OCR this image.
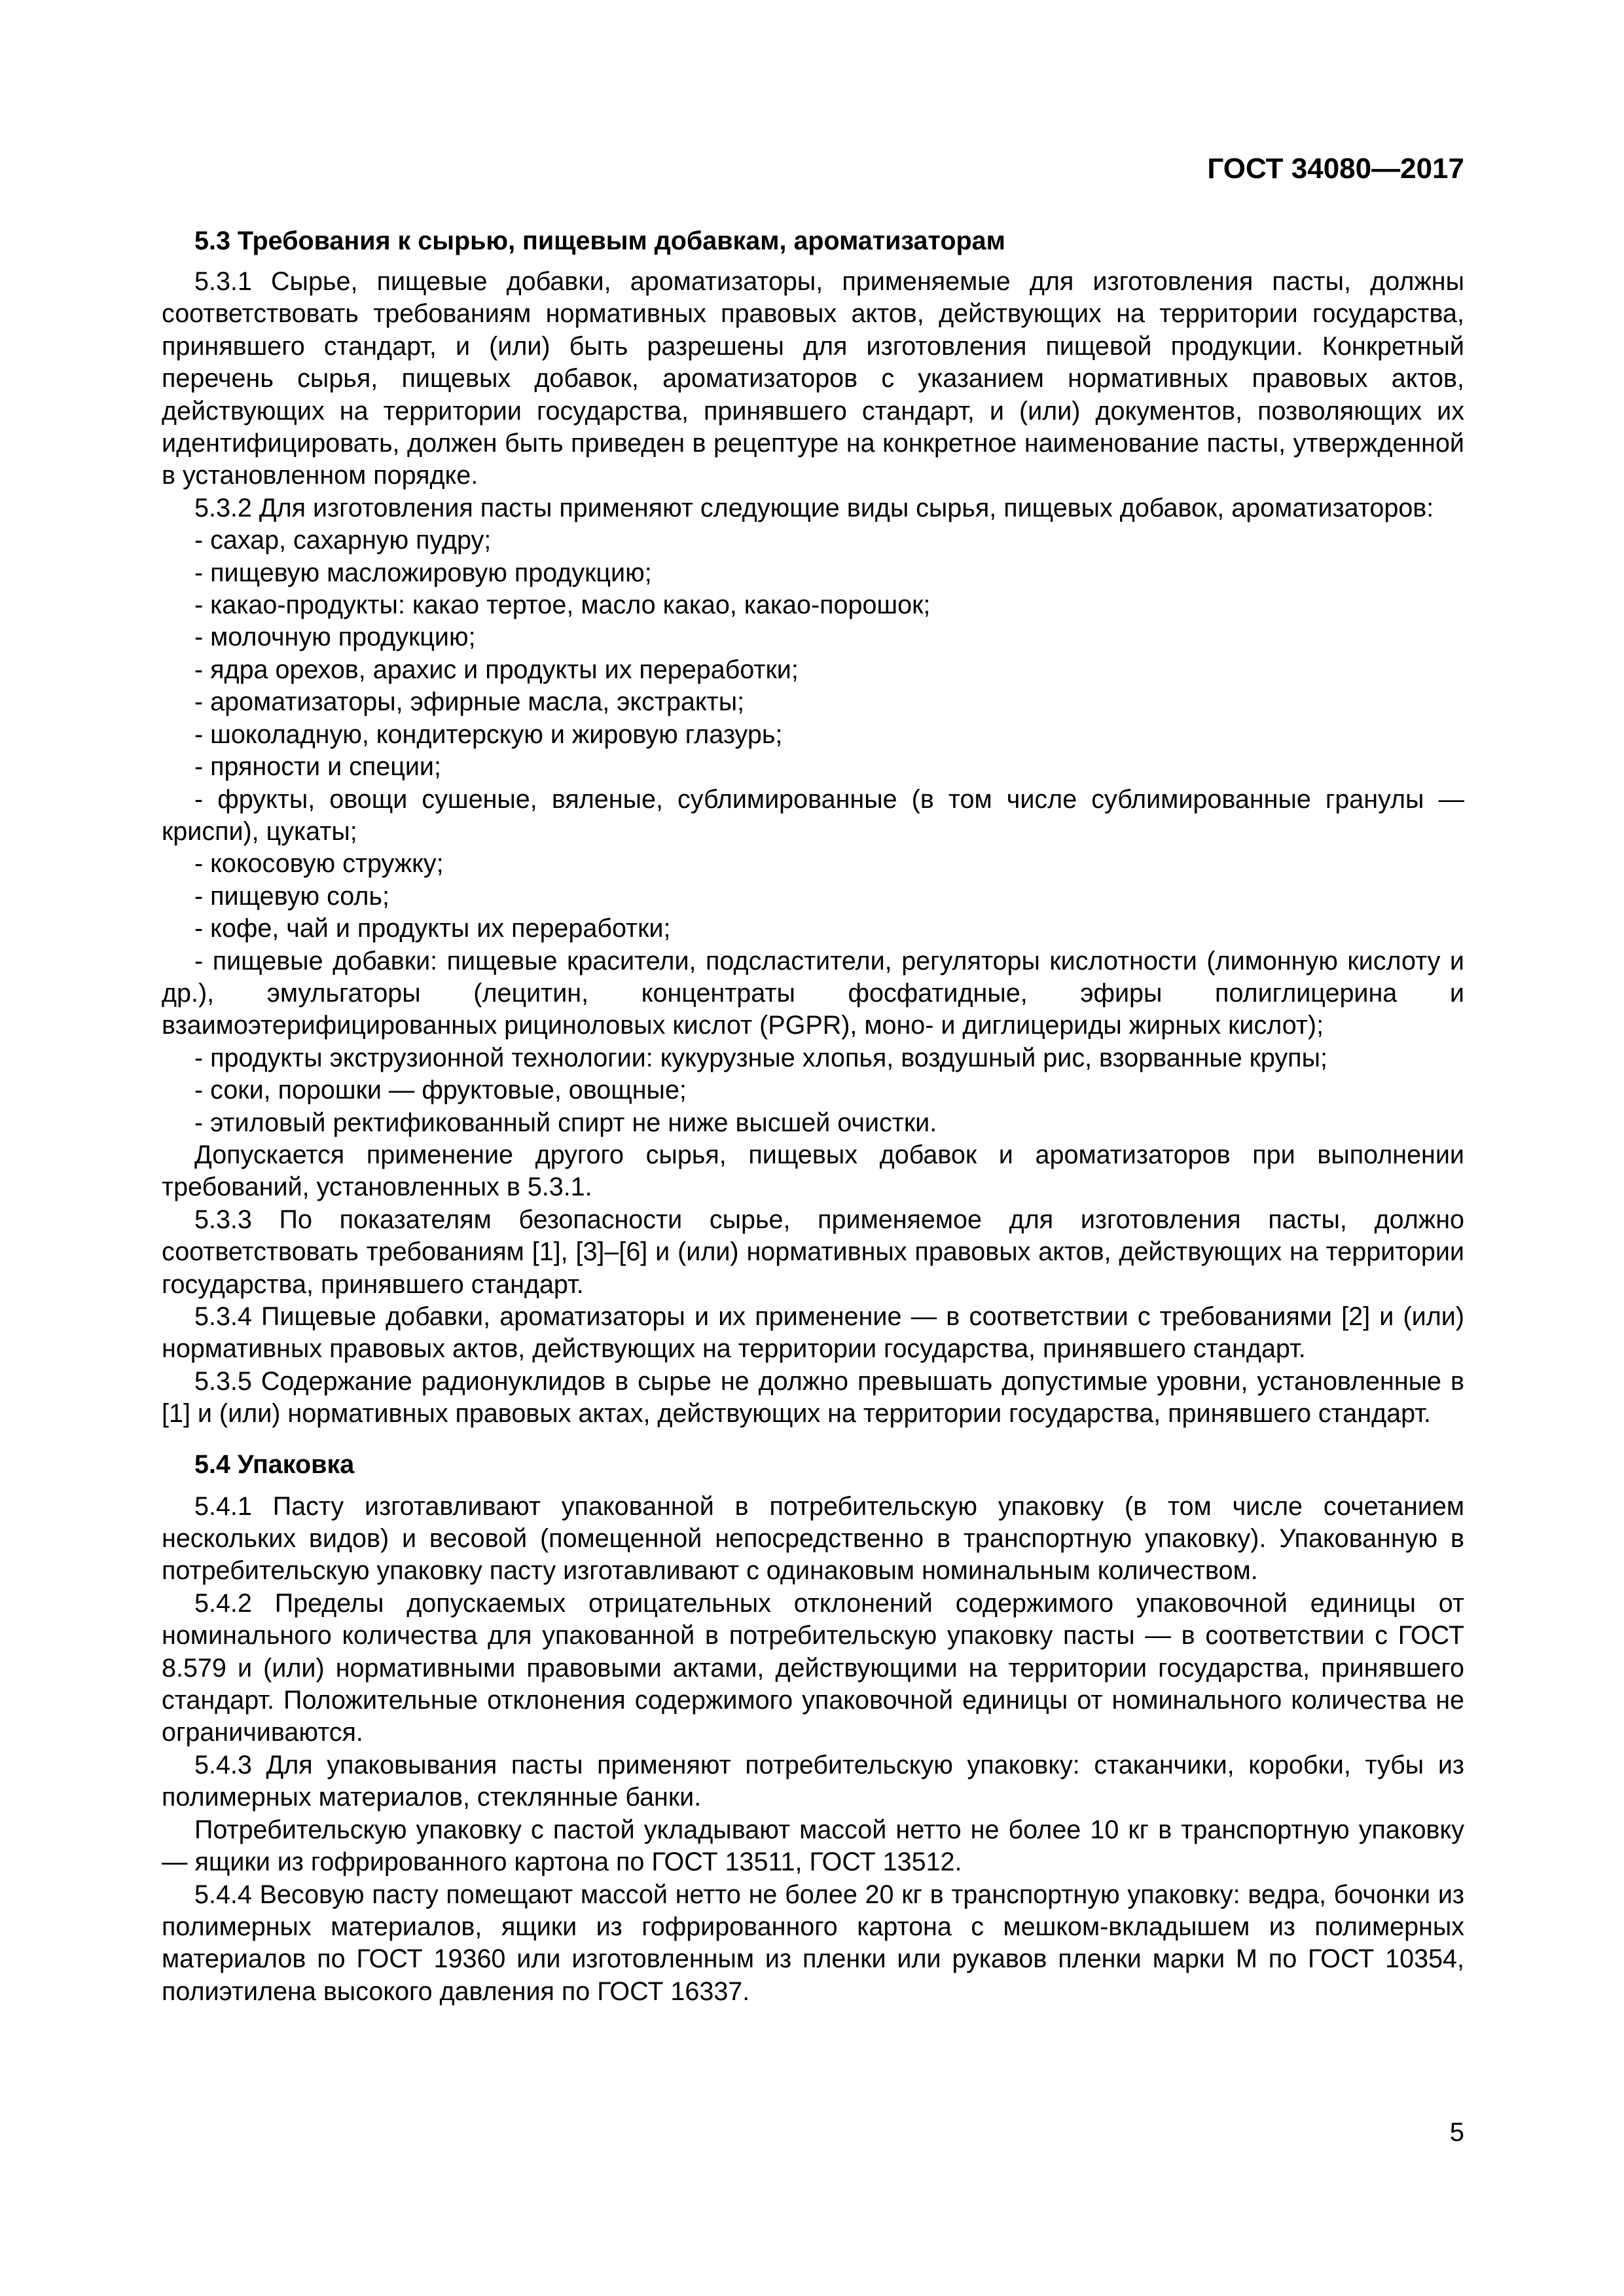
ГОСТ 34080—2017
5.3 Требования к сырью, пищевым добавкам, ароматизаторам

5.3.1 Сырье, пищевые добавки, ароматизаторы, применяемые для изготовления пасты, должны соответствовать требованиям нормативных правовых актов, действующих на территории государства, принявшего стандарт, и (или) быть разрешены для изготовления пищевой продукции. Конкретный перечень сырья, пищевых добавок, ароматизаторов с указанием нормативных правовых актов, действующих на территории государства, принявшего стандарт, и (или) документов, позволяющих их идентифицировать, должен быть приведен в рецептуре на конкретное наименование пасты, утвержденной в установленном порядке.

5.3.2 Для изготовления пасты применяют следующие виды сырья, пищевых добавок, ароматизаторов:

- сахар, сахарную пудру;
- пищевую масложировую продукцию;
- какао-продукты: какао тертое, масло какао, какао-порошок;
- молочную продукцию;
- ядра орехов, арахис и продукты их переработки;
- ароматизаторы, эфирные масла, экстракты;
- шоколадную, кондитерскую и жировую глазурь;
- пряности и специи;
- фрукты, овощи сушеные, вяленые, сублимированные (в том числе сублимированные гранулы — криспи), цукаты;
- кокосовую стружку;
- пищевую соль;
- кофе, чай и продукты их переработки;
- пищевые добавки: пищевые красители, подсластители, регуляторы кислотности (лимонную кислоту и др.), эмульгаторы (лецитин, концентраты фосфатидные, эфиры полиглицерина и взаимоэтерифицированных рициноловых кислот (PGPR), моно- и диглицериды жирных кислот);
- продукты экструзионной технологии: кукурузные хлопья, воздушный рис, взорванные крупы;
- соки, порошки — фруктовые, овощные;
- этиловый ректификованный спирт не ниже высшей очистки.

Допускается применение другого сырья, пищевых добавок и ароматизаторов при выполнении требований, установленных в 5.3.1.

5.3.3 По показателям безопасности сырье, применяемое для изготовления пасты, должно соответствовать требованиям [1], [3]–[6] и (или) нормативных правовых актов, действующих на территории государства, принявшего стандарт.

5.3.4 Пищевые добавки, ароматизаторы и их применение — в соответствии с требованиями [2] и (или) нормативных правовых актов, действующих на территории государства, принявшего стандарт.

5.3.5 Содержание радионуклидов в сырье не должно превышать допустимые уровни, установленные в [1] и (или) нормативных правовых актах, действующих на территории государства, принявшего стандарт.

5.4 Упаковка

5.4.1 Пасту изготавливают упакованной в потребительскую упаковку (в том числе сочетанием нескольких видов) и весовой (помещенной непосредственно в транспортную упаковку). Упакованную в потребительскую упаковку пасту изготавливают с одинаковым номинальным количеством.

5.4.2 Пределы допускаемых отрицательных отклонений содержимого упаковочной единицы от номинального количества для упакованной в потребительскую упаковку пасты — в соответствии с ГОСТ 8.579 и (или) нормативными правовыми актами, действующими на территории государства, принявшего стандарт. Положительные отклонения содержимого упаковочной единицы от номинального количества не ограничиваются.

5.4.3 Для упаковывания пасты применяют потребительскую упаковку: стаканчики, коробки, тубы из полимерных материалов, стеклянные банки.

Потребительскую упаковку с пастой укладывают массой нетто не более 10 кг в транспортную упаковку — ящики из гофрированного картона по ГОСТ 13511, ГОСТ 13512.

5.4.4 Весовую пасту помещают массой нетто не более 20 кг в транспортную упаковку: ведра, бочонки из полимерных материалов, ящики из гофрированного картона с мешком-вкладышем из полимерных материалов по ГОСТ 19360 или изготовленным из пленки или рукавов пленки марки М по ГОСТ 10354, полиэтилена высокого давления по ГОСТ 16337.

5
